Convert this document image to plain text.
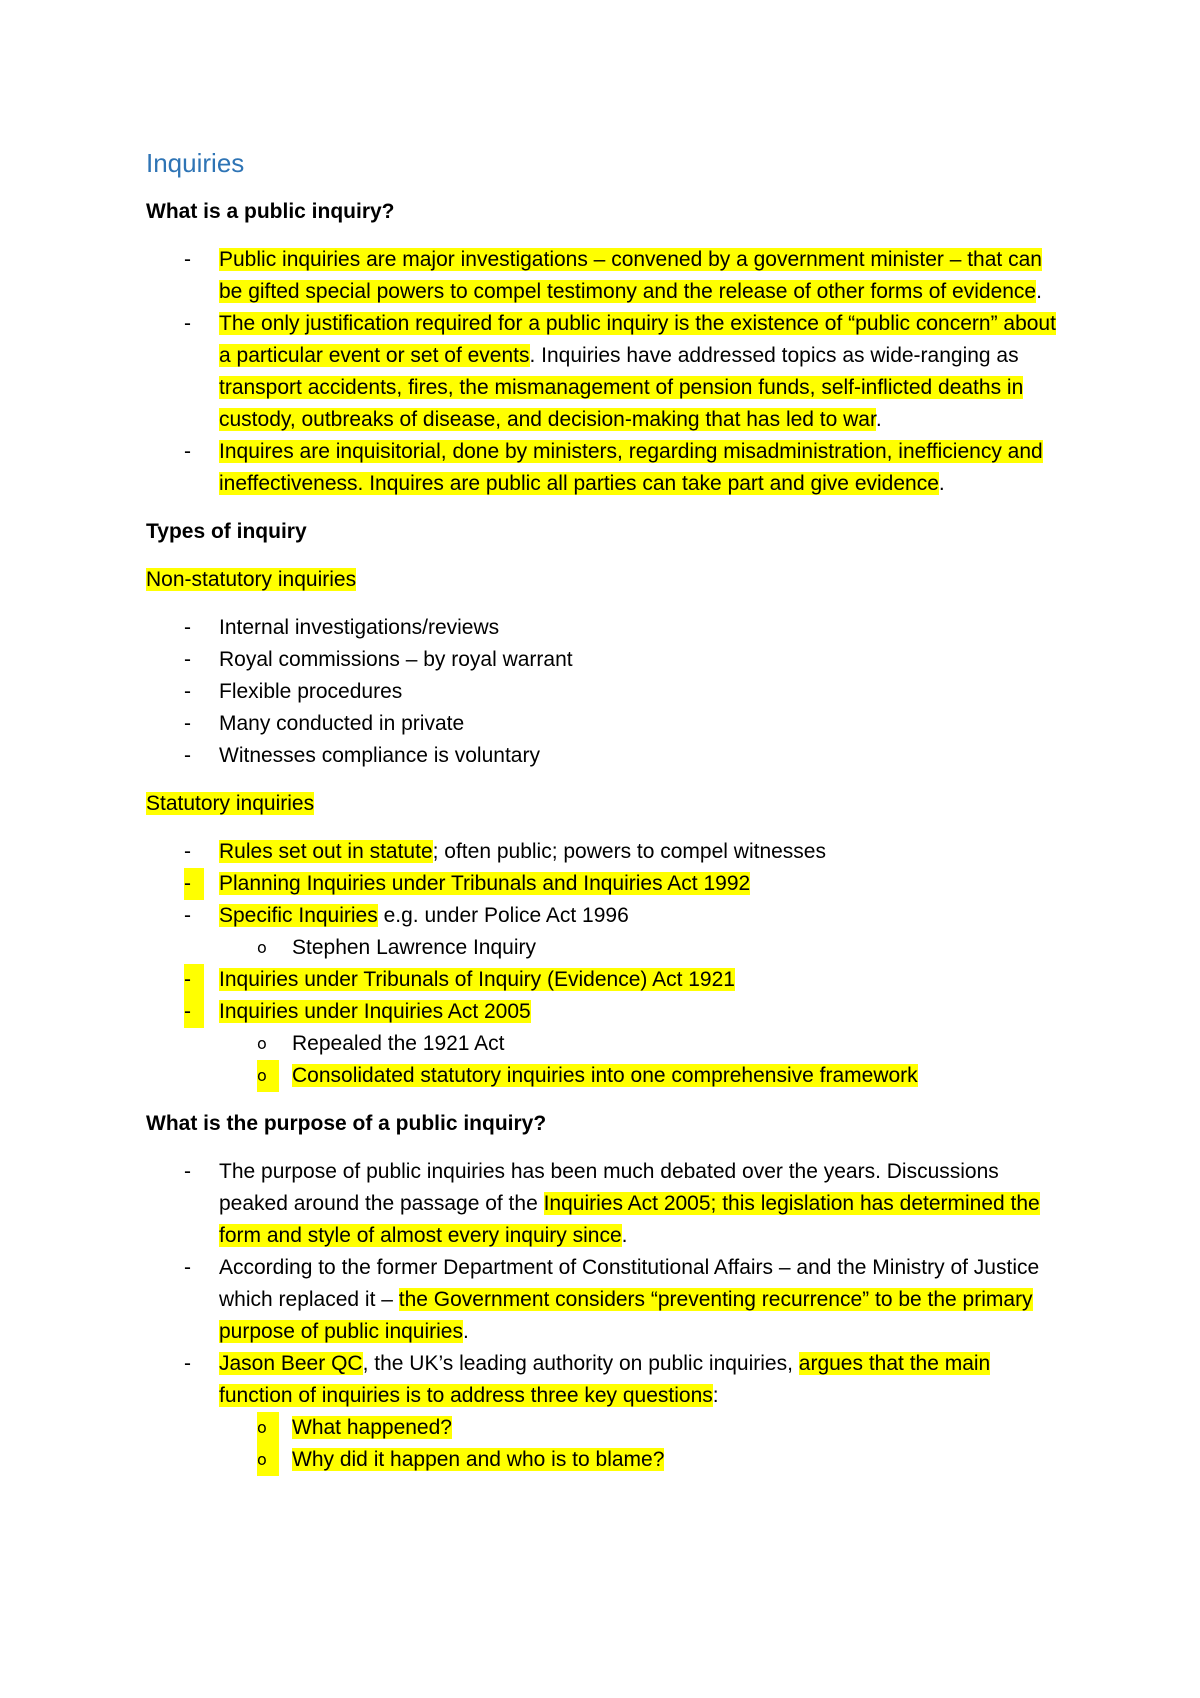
Inquiries
What is a public inquiry?
-	Public inquiries are major investigations – convened by a government minister – that can be gifted special powers to compel testimony and the release of other forms of evidence.
-	The only justification required for a public inquiry is the existence of “public concern” about a particular event or set of events. Inquiries have addressed topics as wide-ranging as transport accidents, fires, the mismanagement of pension funds, self-inflicted deaths in custody, outbreaks of disease, and decision-making that has led to war.
-	Inquires are inquisitorial, done by ministers, regarding misadministration, inefficiency and ineffectiveness. Inquires are public all parties can take part and give evidence.
Types of inquiry
Non-statutory inquiries
-	Internal investigations/reviews
-	Royal commissions – by royal warrant
-	Flexible procedures
-	Many conducted in private
-	Witnesses compliance is voluntary
Statutory inquiries
-	Rules set out in statute; often public; powers to compel witnesses
-	Planning Inquiries under Tribunals and Inquiries Act 1992
-	Specific Inquiries e.g. under Police Act 1996
o	Stephen Lawrence Inquiry
-	Inquiries under Tribunals of Inquiry (Evidence) Act 1921
-	Inquiries under Inquiries Act 2005
o	Repealed the 1921 Act
o	Consolidated statutory inquiries into one comprehensive framework
What is the purpose of a public inquiry?
-	The purpose of public inquiries has been much debated over the years. Discussions peaked around the passage of the Inquiries Act 2005; this legislation has determined the form and style of almost every inquiry since.
-	According to the former Department of Constitutional Affairs – and the Ministry of Justice which replaced it – the Government considers “preventing recurrence” to be the primary purpose of public inquiries.
-	Jason Beer QC, the UK’s leading authority on public inquiries, argues that the main function of inquiries is to address three key questions:
o	What happened?
o	Why did it happen and who is to blame?
